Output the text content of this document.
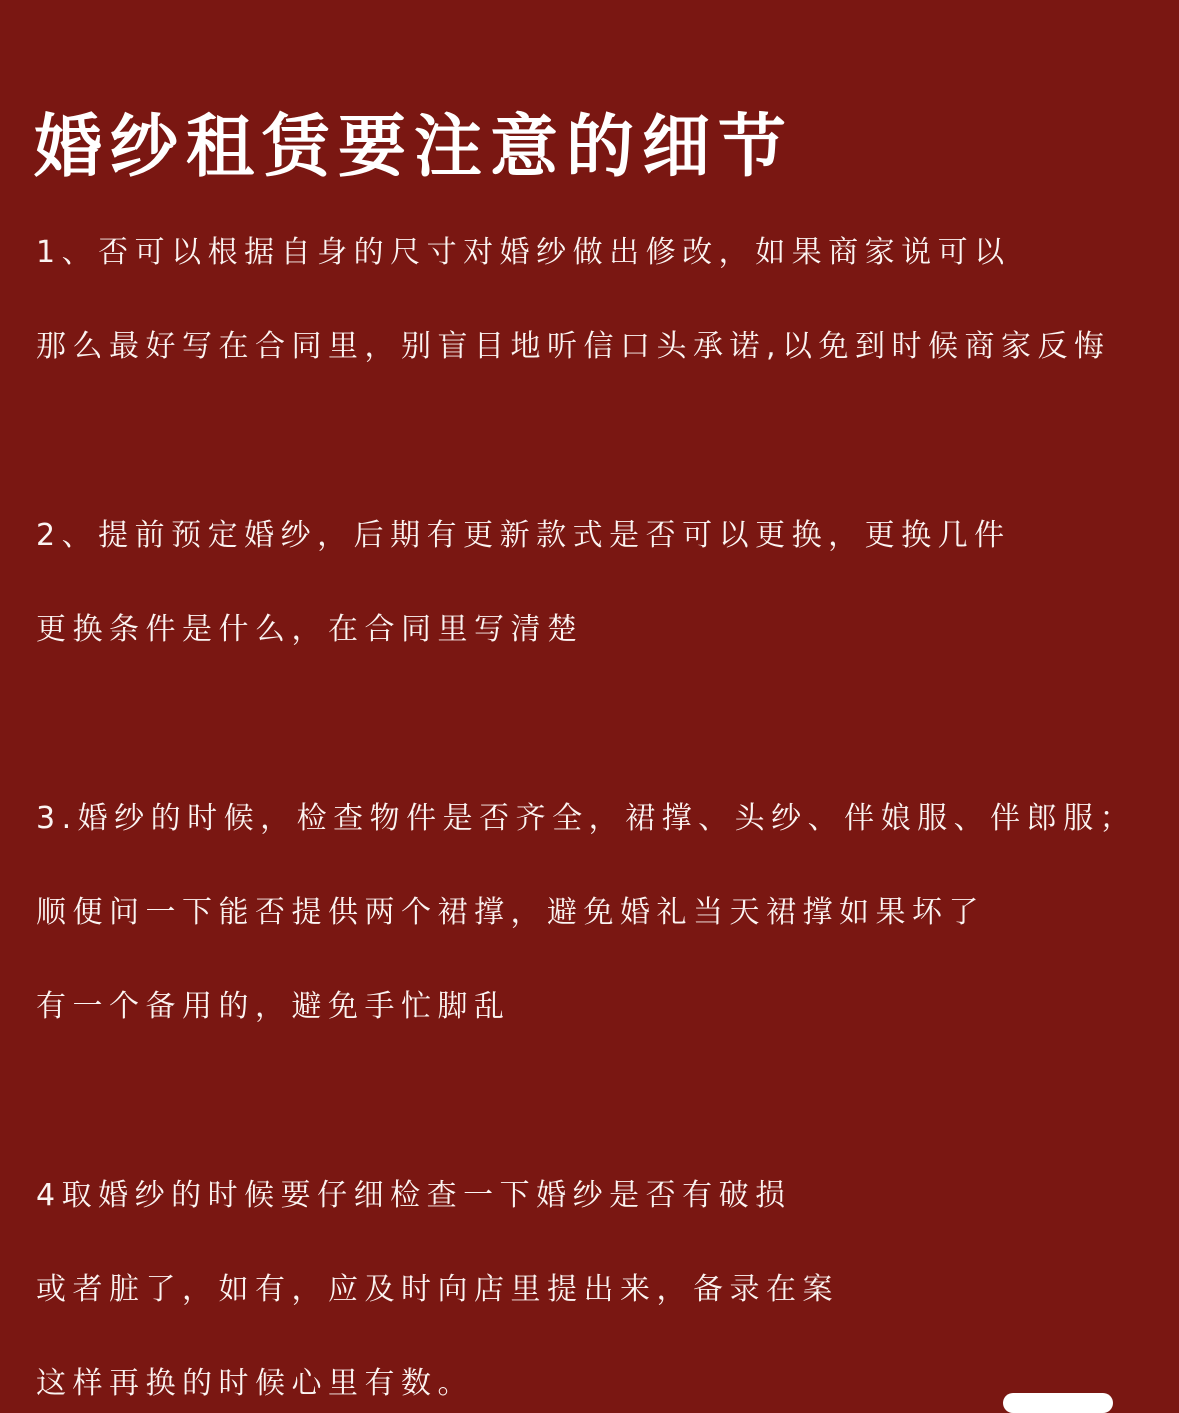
婚纱租赁要注意的细节

1、否可以根据自身的尺寸对婚纱做出修改，如果商家说可以

那么最好写在合同里，别盲目地听信口头承诺,以免到时候商家反悔

2、提前预定婚纱，后期有更新款式是否可以更换，更换几件

更换条件是什么，在合同里写清楚

3.婚纱的时候，检查物件是否齐全，裙撑、头纱、伴娘服、伴郎服；

顺便问一下能否提供两个裙撑，避免婚礼当天裙撑如果坏了

有一个备用的，避免手忙脚乱

4取婚纱的时候要仔细检查一下婚纱是否有破损

或者脏了，如有，应及时向店里提出来，备录在案

这样再换的时候心里有数。
